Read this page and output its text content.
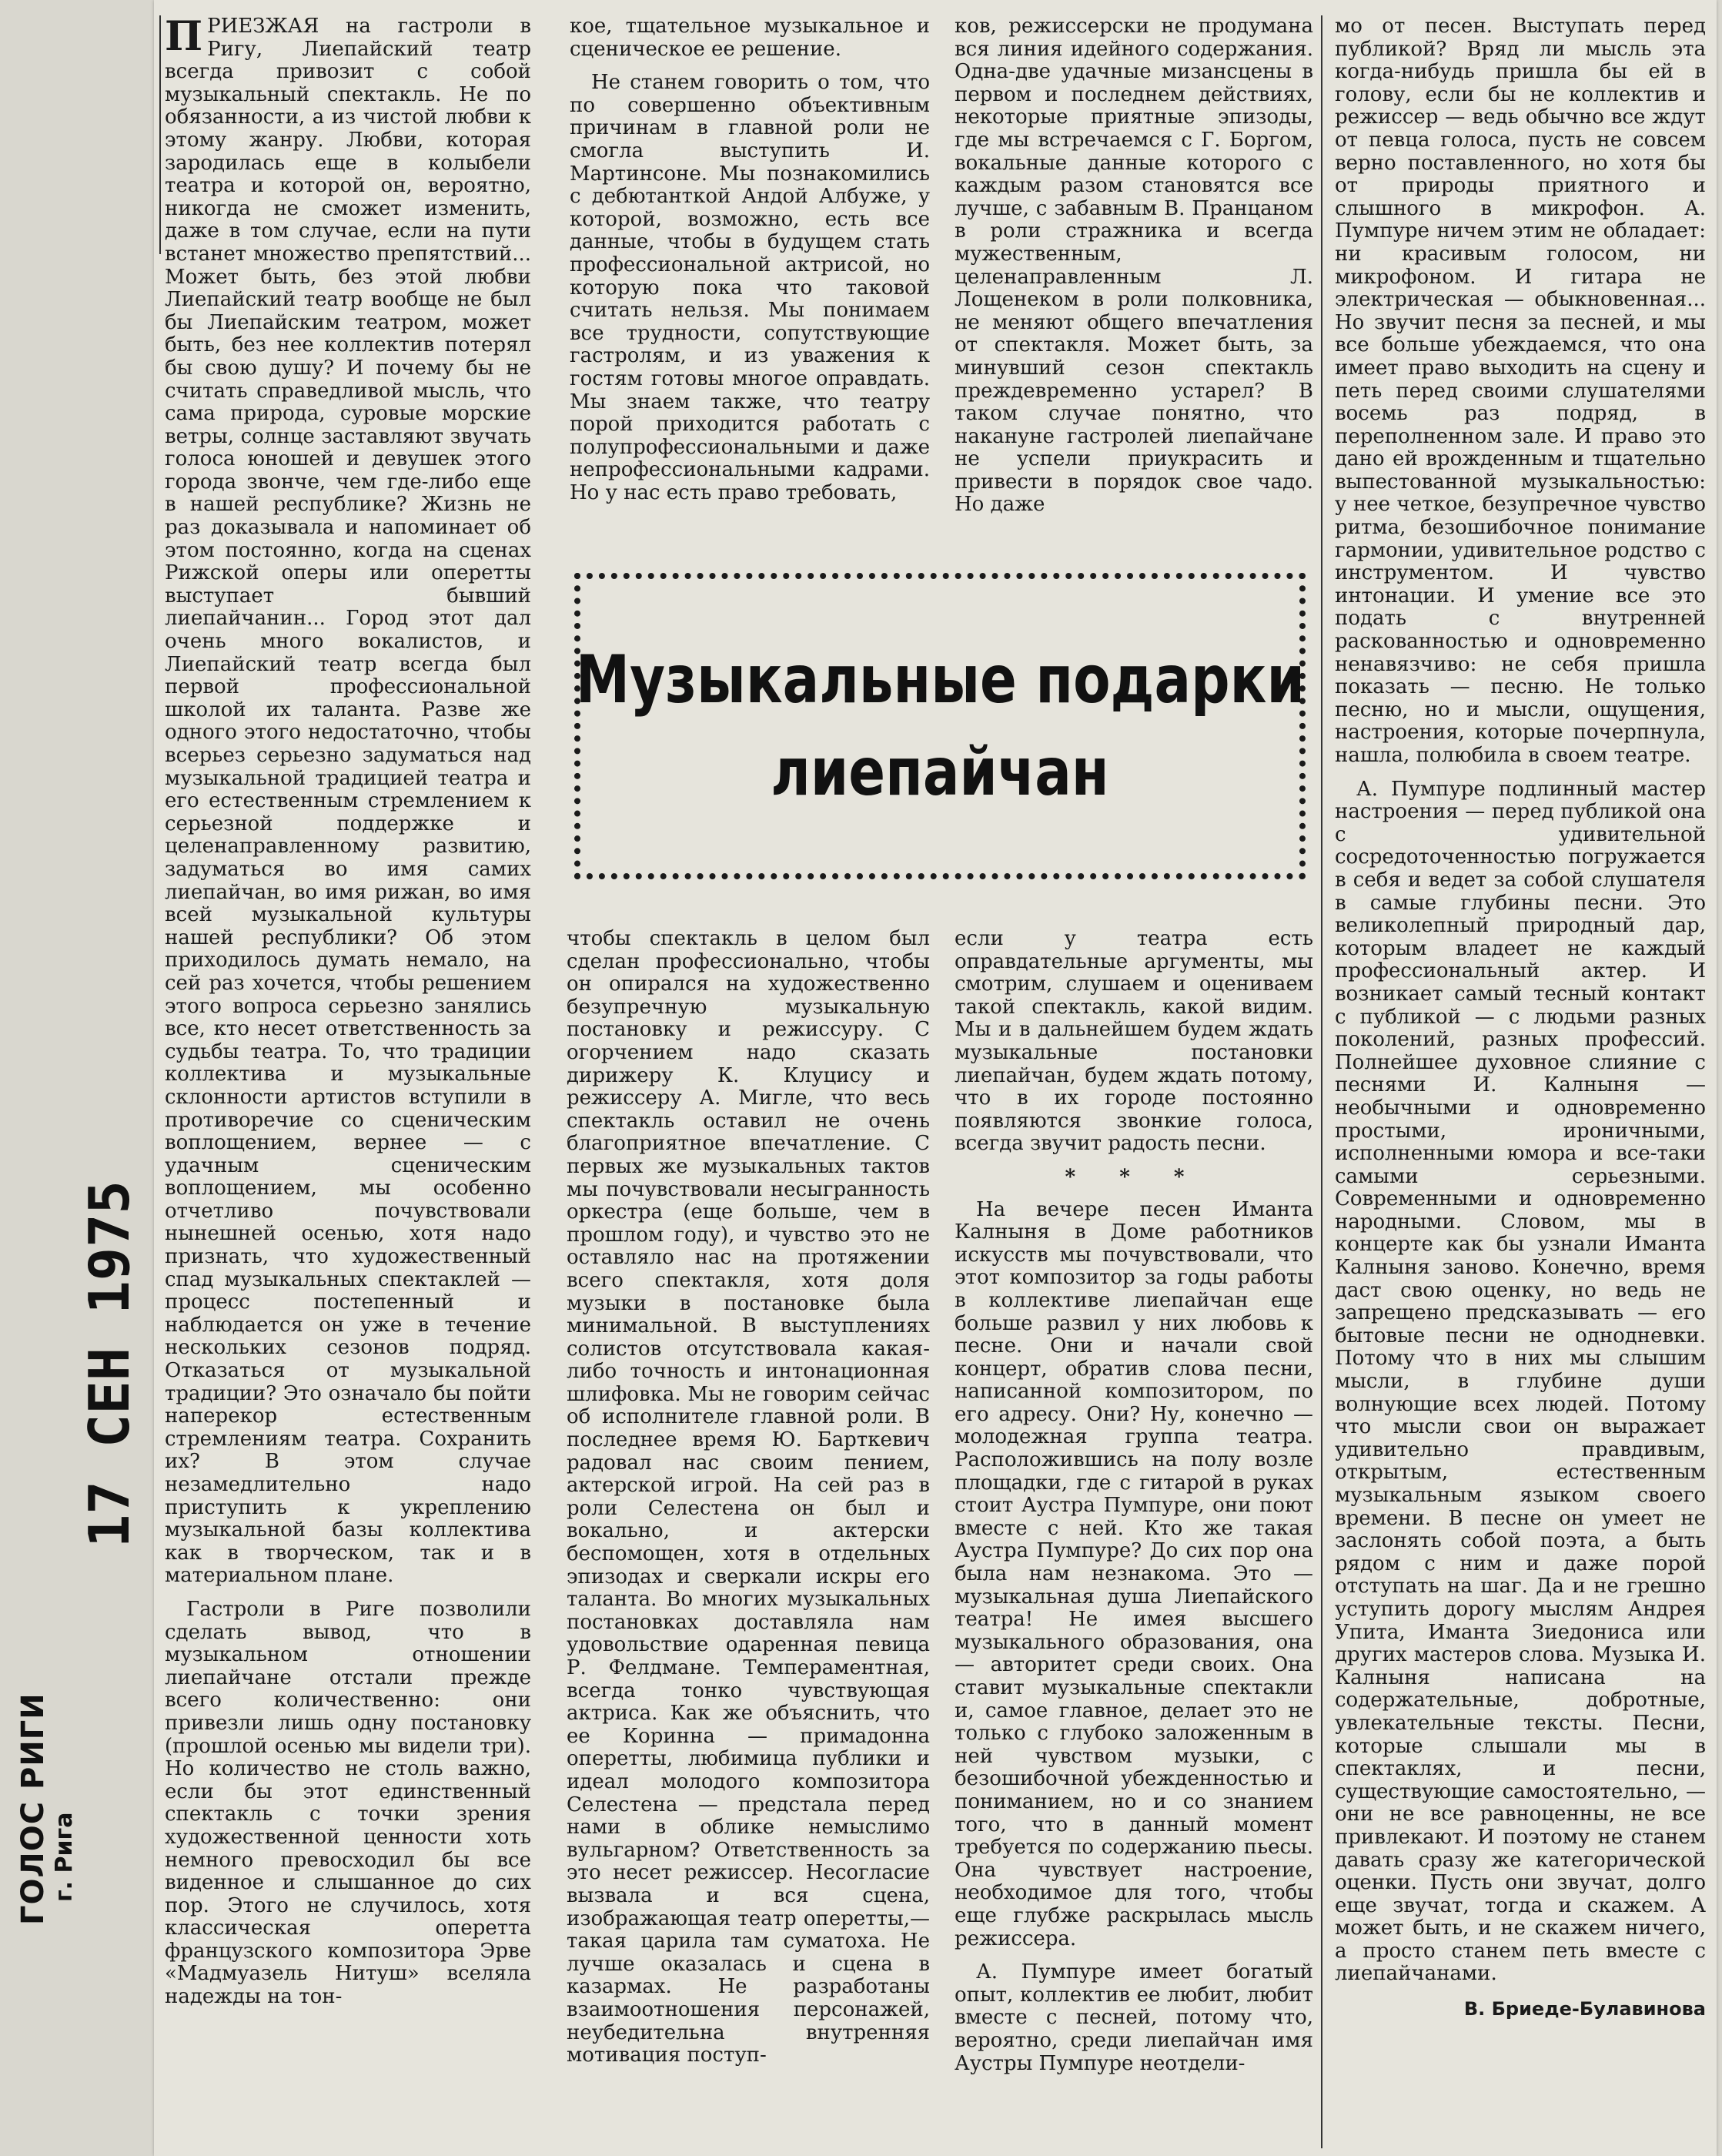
ГОЛОС РИГИ г. Рига
17 СЕН 1975

ПРИЕЗЖАЯ на гастроли в Ригу, Лиепайский театр всегда привозит с собой музыкальный спектакль. Не по обязанности, а из чистой любви к этому жанру. Любви, которая зародилась еще в колыбели театра и которой он, вероятно, никогда не сможет изменить, даже в том случае, если на пути встанет множество препятствий... Может быть, без этой любви Лиепайский театр вообще не был бы Лиепайским театром, может быть, без нее коллектив потерял бы свою душу? И почему бы не считать справедливой мысль, что сама природа, суровые морские ветры, солнце заставляют звучать голоса юношей и девушек этого города звонче, чем где-либо еще в нашей республике? Жизнь не раз доказывала и напоминает об этом постоянно, когда на сценах Рижской оперы или оперетты выступает бывший лиепайчанин... Город этот дал очень много вокалистов, и Лиепайский театр всегда был первой профессиональной школой их таланта. Разве же одного этого недостаточно, чтобы всерьез серьезно задуматься над музыкальной традицией театра и его естественным стремлением к серьезной поддержке и целенаправленному развитию, задуматься во имя самих лиепайчан, во имя рижан, во имя всей музыкальной культуры нашей республики? Об этом приходилось думать немало, на сей раз хочется, чтобы решением этого вопроса серьезно занялись все, кто несет ответственность за судьбы театра. То, что традиции коллектива и музыкальные склонности артистов вступили в противоречие со сценическим воплощением, вернее — с удачным сценическим воплощением, мы особенно отчетливо почувствовали нынешней осенью, хотя надо признать, что художественный спад музыкальных спектаклей — процесс постепенный и наблюдается он уже в течение нескольких сезонов подряд. Отказаться от музыкальной традиции? Это означало бы пойти наперекор естественным стремлениям театра. Сохранить их? В этом случае незамедлительно надо приступить к укреплению музыкальной базы коллектива как в творческом, так и в материальном плане.

Гастроли в Риге позволили сделать вывод, что в музыкальном отношении лиепайчане отстали прежде всего количественно: они привезли лишь одну постановку (прошлой осенью мы видели три). Но количество не столь важно, если бы этот единственный спектакль с точки зрения художественной ценности хоть немного превосходил бы все виденное и слышанное до сих пор. Этого не случилось, хотя классическая оперетта французского композитора Эрве «Мадмуазель Нитуш» вселяла надежды на тон-

кое, тщательное музыкальное и сценическое ее решение.

Не станем говорить о том, что по совершенно объективным причинам в главной роли не смогла выступить И. Мартинсоне. Мы познакомились с дебютанткой Андой Албуже, у которой, возможно, есть все данные, чтобы в будущем стать профессиональной актрисой, но которую пока что таковой считать нельзя. Мы понимаем все трудности, сопутствующие гастролям, и из уважения к гостям готовы многое оправдать. Мы знаем также, что театру порой приходится работать с полупрофессиональными и даже непрофессиональными кадрами. Но у нас есть право требовать,

ков, режиссерски не продумана вся линия идейного содержания. Одна-две удачные мизансцены в первом и последнем действиях, некоторые приятные эпизоды, где мы встречаемся с Г. Боргом, вокальные данные которого с каждым разом становятся все лучше, с забавным В. Пранцаном в роли стражника и всегда мужественным, целенаправленным Л. Лощенеком в роли полковника, не меняют общего впечатления от спектакля. Может быть, за минувший сезон спектакль преждевременно устарел? В таком случае понятно, что накануне гастролей лиепайчане не успели приукрасить и привести в порядок свое чадо. Но даже

Музыкальные подарки
лиепайчан

чтобы спектакль в целом был сделан профессионально, чтобы он опирался на художественно безупречную музыкальную постановку и режиссуру. С огорчением надо сказать дирижеру К. Клуцису и режиссеру А. Мигле, что весь спектакль оставил не очень благоприятное впечатление. С первых же музыкальных тактов мы почувствовали несыгранность оркестра (еще больше, чем в прошлом году), и чувство это не оставляло нас на протяжении всего спектакля, хотя доля музыки в постановке была минимальной. В выступлениях солистов отсутствовала какая-либо точность и интонационная шлифовка. Мы не говорим сейчас об исполнителе главной роли. В последнее время Ю. Барткевич радовал нас своим пением, актерской игрой. На сей раз в роли Селестена он был и вокально, и актерски беспомощен, хотя в отдельных эпизодах и сверкали искры его таланта. Во многих музыкальных постановках доставляла нам удовольствие одаренная певица Р. Фелдмане. Темпераментная, всегда тонко чувствующая актриса. Как же объяснить, что ее Коринна — примадонна оперетты, любимица публики и идеал молодого композитора Селестена — предстала перед нами в облике немыслимо вульгарном? Ответственность за это несет режиссер. Несогласие вызвала и вся сцена, изображающая театр оперетты,—такая царила там суматоха. Не лучше оказалась и сцена в казармах. Не разработаны взаимоотношения персонажей, неубедительна внутренняя мотивация поступ-

если у театра есть оправдательные аргументы, мы смотрим, слушаем и оцениваем такой спектакль, какой видим. Мы и в дальнейшем будем ждать музыкальные постановки лиепайчан, будем ждать потому, что в их городе постоянно появляются звонкие голоса, всегда звучит радость песни.

* * *

На вечере песен Иманта Калныня в Доме работников искусств мы почувствовали, что этот композитор за годы работы в коллективе лиепайчан еще больше развил у них любовь к песне. Они и начали свой концерт, обратив слова песни, написанной композитором, по его адресу. Они? Ну, конечно — молодежная группа театра. Расположившись на полу возле площадки, где с гитарой в руках стоит Аустра Пумпуре, они поют вместе с ней. Кто же такая Аустра Пумпуре? До сих пор она была нам незнакома. Это — музыкальная душа Лиепайского театра! Не имея высшего музыкального образования, она — авторитет среди своих. Она ставит музыкальные спектакли и, самое главное, делает это не только с глубоко заложенным в ней чувством музыки, с безошибочной убежденностью и пониманием, но и со знанием того, что в данный момент требуется по содержанию пьесы. Она чувствует настроение, необходимое для того, чтобы еще глубже раскрылась мысль режиссера.

А. Пумпуре имеет богатый опыт, коллектив ее любит, любит вместе с песней, потому что, вероятно, среди лиепайчан имя Аустры Пумпуре неотдели-

мо от песен. Выступать перед публикой? Вряд ли мысль эта когда-нибудь пришла бы ей в голову, если бы не коллектив и режиссер — ведь обычно все ждут от певца голоса, пусть не совсем верно поставленного, но хотя бы от природы приятного и слышного в микрофон. А. Пумпуре ничем этим не обладает: ни красивым голосом, ни микрофоном. И гитара не электрическая — обыкновенная... Но звучит песня за песней, и мы все больше убеждаемся, что она имеет право выходить на сцену и петь перед своими слушателями восемь раз подряд, в переполненном зале. И право это дано ей врожденным и тщательно выпестованной музыкальностью: у нее четкое, безупречное чувство ритма, безошибочное понимание гармонии, удивительное родство с инструментом. И чувство интонации. И умение все это подать с внутренней раскованностью и одновременно ненавязчиво: не себя пришла показать — песню. Не только песню, но и мысли, ощущения, настроения, которые почерпнула, нашла, полюбила в своем театре.

А. Пумпуре подлинный мастер настроения — перед публикой она с удивительной сосредоточенностью погружается в себя и ведет за собой слушателя в самые глубины песни. Это великолепный природный дар, которым владеет не каждый профессиональный актер. И возникает самый тесный контакт с публикой — с людьми разных поколений, разных профессий. Полнейшее духовное слияние с песнями И. Калныня — необычными и одновременно простыми, ироничными, исполненными юмора и все-таки самыми серьезными. Современными и одновременно народными. Словом, мы в концерте как бы узнали Иманта Калныня заново. Конечно, время даст свою оценку, но ведь не запрещено предсказывать — его бытовые песни не однодневки. Потому что в них мы слышим мысли, в глубине души волнующие всех людей. Потому что мысли свои он выражает удивительно правдивым, открытым, естественным музыкальным языком своего времени. В песне он умеет не заслонять собой поэта, а быть рядом с ним и даже порой отступать на шаг. Да и не грешно уступить дорогу мыслям Андрея Упита, Иманта Зиедониса или других мастеров слова. Музыка И. Калныня написана на содержательные, добротные, увлекательные тексты. Песни, которые слышали мы в спектаклях, и песни, существующие самостоятельно, — они не все равноценны, не все привлекают. И поэтому не станем давать сразу же категорической оценки. Пусть они звучат, долго еще звучат, тогда и скажем. А может быть, и не скажем ничего, а просто станем петь вместе с лиепайчанами.

В. Бриеде-Булавинова
